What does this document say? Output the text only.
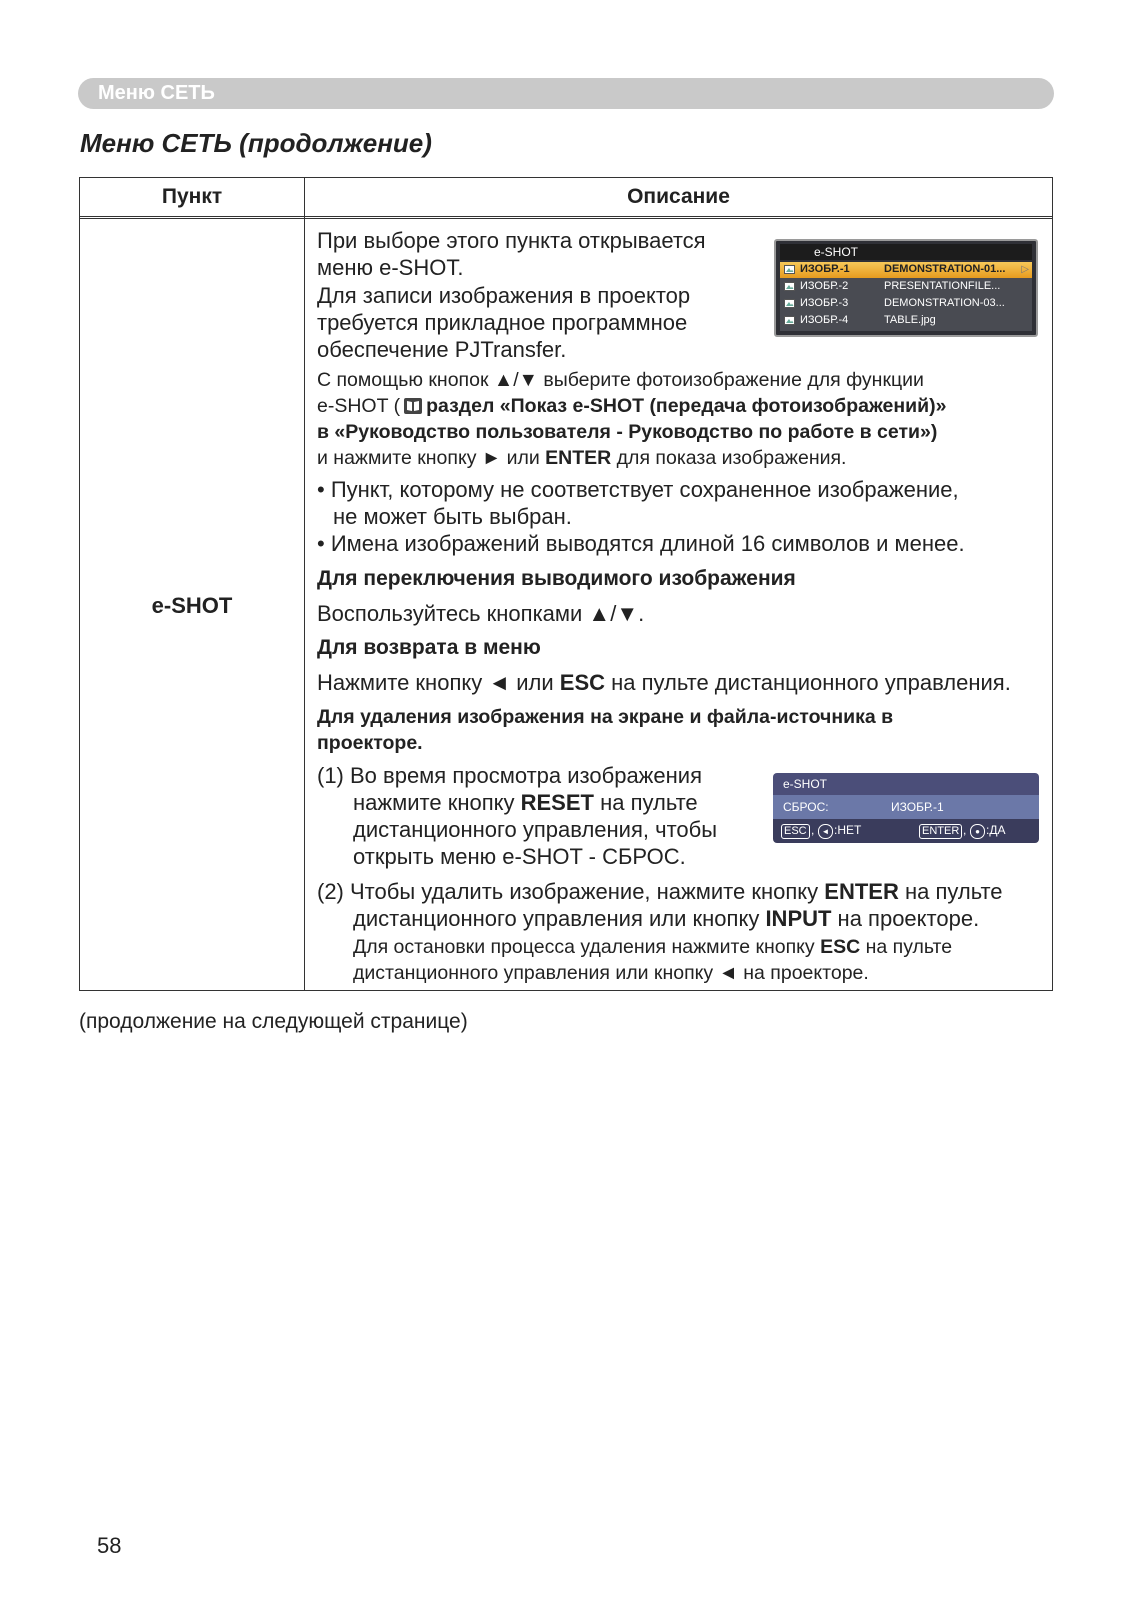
Меню СЕТЬ
Меню СЕТЬ (продолжение)
Пункт	Описание
e-SHOT
При выборе этого пункта открывается
меню e-SHOT.
Для записи изображения в проектор
требуется прикладное программное
обеспечение PJTransfer.
С помощью кнопок ▲/▼ выберите фотоизображение для функции
e-SHOT ( раздел «Показ e-SHOT (передача фотоизображений)»
в «Руководство пользователя - Руководство по работе в сети»)
и нажмите кнопку ► или ENTER для показа изображения.
• Пункт, которому не соответствует сохраненное изображение,
не может быть выбран.
• Имена изображений выводятся длиной 16 символов и менее.
Для переключения выводимого изображения
Воспользуйтесь кнопками ▲/▼.
Для возврата в меню
Нажмите кнопку ◄ или ESC на пульте дистанционного управления.
Для удаления изображения на экране и файла-источника в
проекторе.
(1) Во время просмотра изображения
нажмите кнопку RESET на пульте
дистанционного управления, чтобы
открыть меню e-SHOT - СБРОС.
(2) Чтобы удалить изображение, нажмите кнопку ENTER на пульте
дистанционного управления или кнопку INPUT на проекторе.
Для остановки процесса удаления нажмите кнопку ESC на пульте
дистанционного управления или кнопку ◄ на проекторе.
e-SHOT
ИЗОБР.-1	DEMONSTRATION-01... ▷
ИЗОБР.-2	PRESENTATIONFILE...
ИЗОБР.-3	DEMONSTRATION-03...
ИЗОБР.-4	TABLE.jpg
e-SHOT
СБРОС:	ИЗОБР.-1
ESC , ◄ :НЕТ	ENTER ,	● :ДА
(продолжение на следующей странице)
58
